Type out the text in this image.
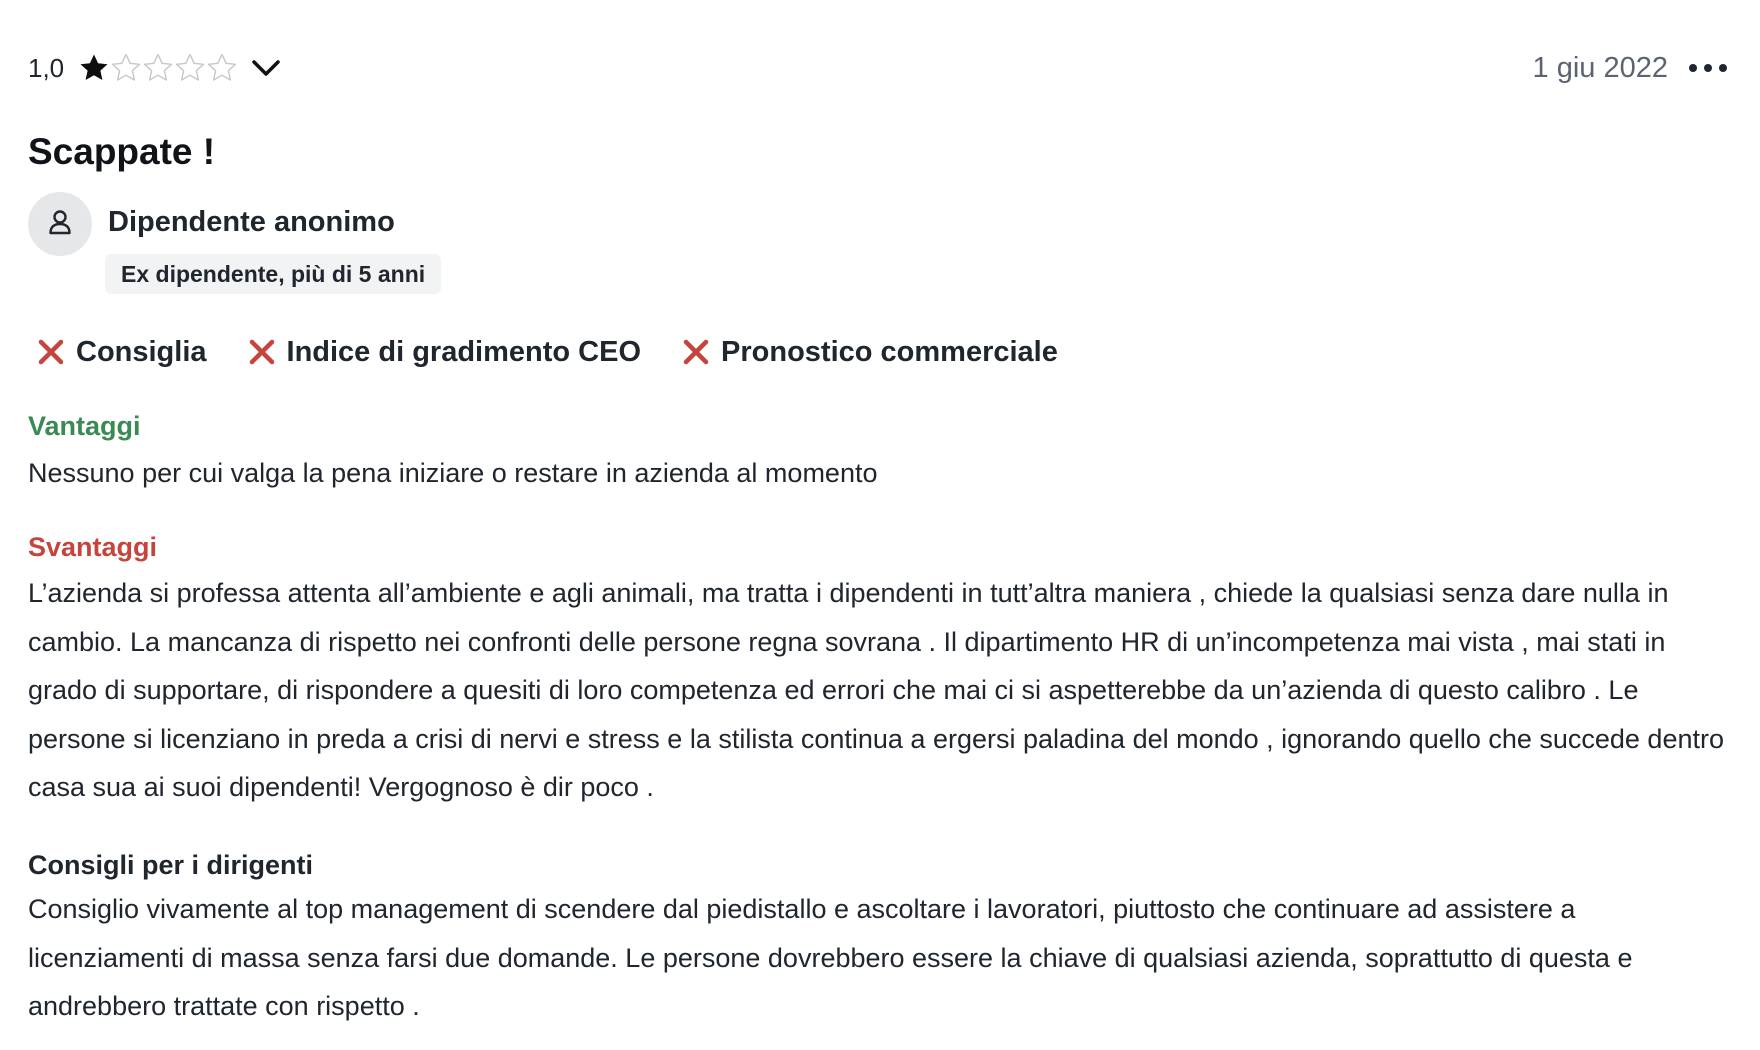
1,0	1 giu 2022
Scappate !
Dipendente anonimo
Ex dipendente, più di 5 anni
Consiglia	Indice di gradimento CEO	Pronostico commerciale
Vantaggi

Nessuno per cui valga la pena iniziare o restare in azienda al momento

Svantaggi

L’azienda si professa attenta all’ambiente e agli animali, ma tratta i dipendenti in tutt’altra maniera , chiede la qualsiasi senza dare nulla in cambio. La mancanza di rispetto nei confronti delle persone regna sovrana . Il dipartimento HR di un’incompetenza mai vista , mai stati in grado di supportare, di rispondere a quesiti di loro competenza ed errori che mai ci si aspetterebbe da un’azienda di questo calibro . Le persone si licenziano in preda a crisi di nervi e stress e la stilista continua a ergersi paladina del mondo , ignorando quello che succede dentro casa sua ai suoi dipendenti! Vergognoso è dir poco .

Consigli per i dirigenti

Consiglio vivamente al top management di scendere dal piedistallo e ascoltare i lavoratori, piuttosto che continuare ad assistere a licenziamenti di massa senza farsi due domande. Le persone dovrebbero essere la chiave di qualsiasi azienda, soprattutto di questa e andrebbero trattate con rispetto .
